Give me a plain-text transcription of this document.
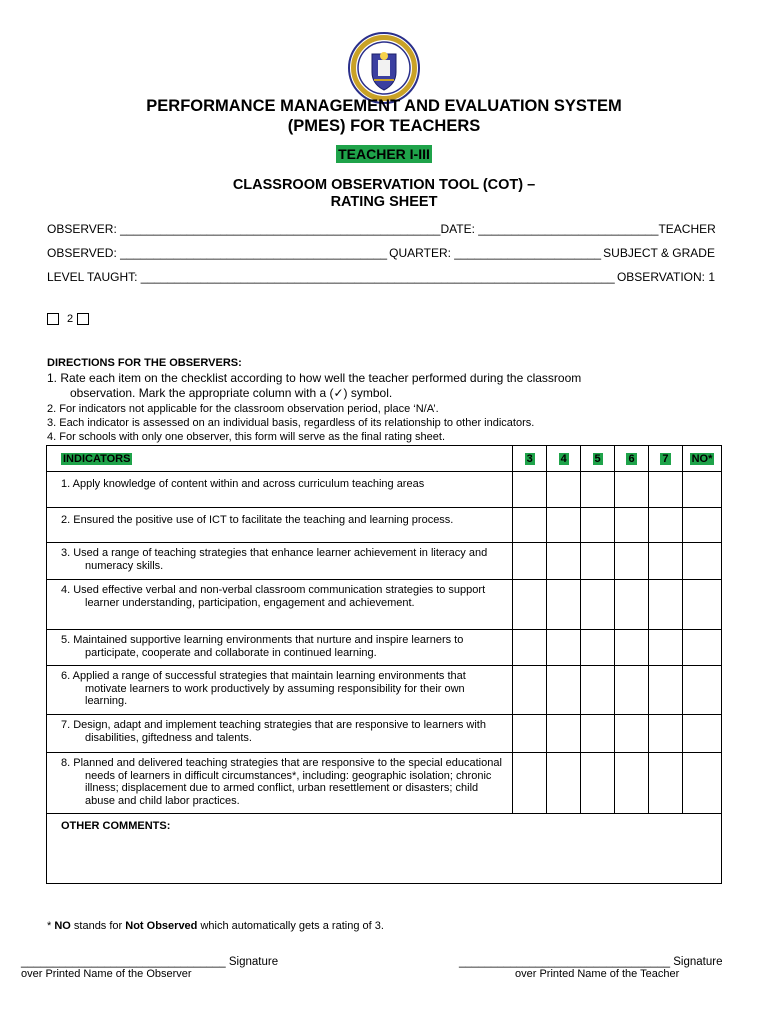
PERFORMANCE MANAGEMENT AND EVALUATION SYSTEM
(PMES) FOR TEACHERS
TEACHER I-III
CLASSROOM OBSERVATION TOOL (COT) –
RATING SHEET
OBSERVER: ________________________________________________ DATE: ___________________________ TEACHER
OBSERVED: ________________________________________ QUARTER: ______________________ SUBJECT & GRADE
LEVEL TAUGHT: _______________________________________________________________________ OBSERVATION: 1
2
DIRECTIONS FOR THE OBSERVERS:
1. Rate each item on the checklist according to how well the teacher performed during the classroom
observation. Mark the appropriate column with a (✓) symbol.
2. For indicators not applicable for the classroom observation period, place ‘N/A’.
3. Each indicator is assessed on an individual basis, regardless of its relationship to other indicators.
4. For schools with only one observer, this form will serve as the final rating sheet.
INDICATORS	3	4	5	6	7	NO*

1. Apply knowledge of content within and across curriculum teaching areas						

2. Ensured the positive use of ICT to facilitate the teaching and learning process.						

3. Used a range of teaching strategies that enhance learner achievement in literacy and numeracy skills.						

4. Used effective verbal and non-verbal classroom communication strategies to support learner understanding, participation, engagement and achievement.						

5. Maintained supportive learning environments that nurture and inspire learners to participate, cooperate and collaborate in continued learning.						

6. Applied a range of successful strategies that maintain learning environments that motivate learners to work productively by assuming responsibility for their own learning.						

7. Design, adapt and implement teaching strategies that are responsive to learners with disabilities, giftedness and talents.						

8. Planned and delivered teaching strategies that are responsive to the special educational needs of learners in difficult circumstances*, including: geographic isolation; chronic illness; displacement due to armed conflict, urban resettlement or disasters; child abuse and child labor practices.						

OTHER COMMENTS:						
* NO stands for Not Observed which automatically gets a rating of 3.
________________________________ Signature
over Printed Name of the Observer
_________________________________ Signature
over Printed Name of the Teacher
